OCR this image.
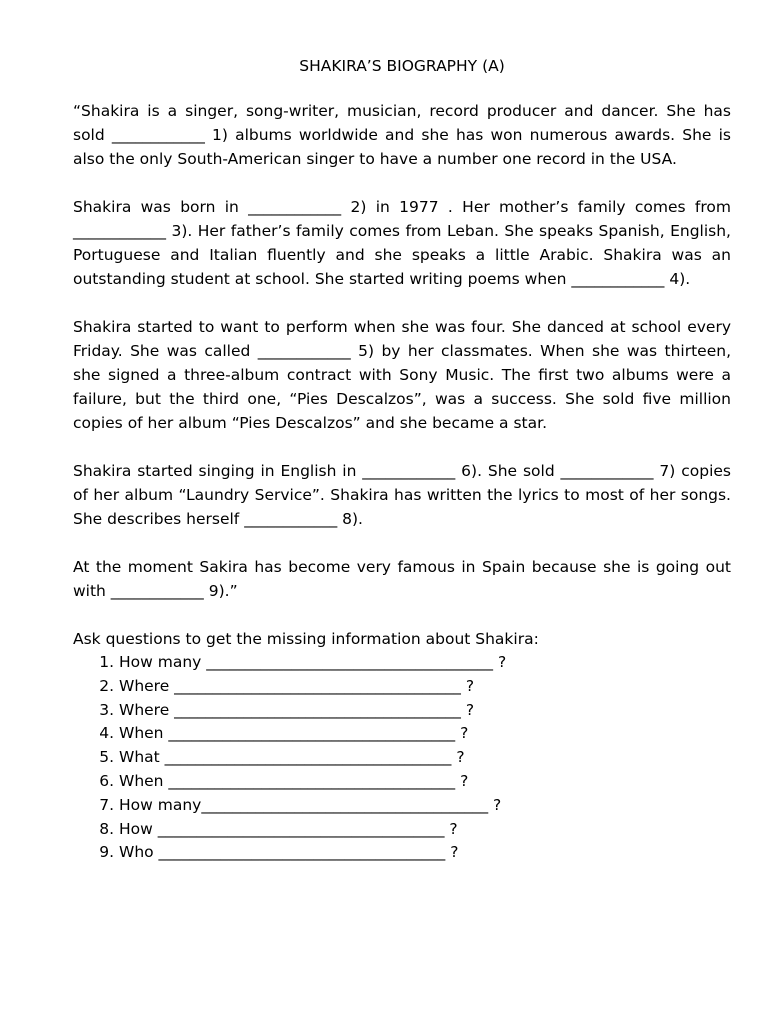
SHAKIRA’S BIOGRAPHY (A)

“Shakira is a singer, song-writer, musician, record producer and dancer. She has sold ____________ 1) albums worldwide and she has won numerous awards. She is also the only South-American singer to have a number one record in the USA.

Shakira was born in ____________ 2) in 1977 . Her mother’s family comes from ____________ 3). Her father’s family comes from Leban. She speaks Spanish, English, Portuguese and Italian fluently and she speaks a little Arabic. Shakira was an outstanding student at school. She started writing poems when ____________ 4).

Shakira started to want to perform when she was four. She danced at school every Friday. She was called ____________ 5) by her classmates. When she was thirteen, she signed a three-album contract with Sony Music. The first two albums were a failure, but the third one, “Pies Descalzos”, was a success. She sold five million copies of her album “Pies Descalzos” and she became a star.

Shakira started singing in English in ____________ 6). She sold ____________ 7) copies of her album “Laundry Service”. Shakira has written the lyrics to most of her songs. She describes herself ____________ 8).

At the moment Sakira has become very famous in Spain because she is going out with ____________ 9).”

Ask questions to get the missing information about Shakira:

1. How many _____________________________________ ?
2. Where _____________________________________ ?
3. Where _____________________________________ ?
4. When _____________________________________ ?
5. What _____________________________________ ?
6. When _____________________________________ ?
7. How many_____________________________________ ?
8. How _____________________________________ ?
9. Who _____________________________________ ?
